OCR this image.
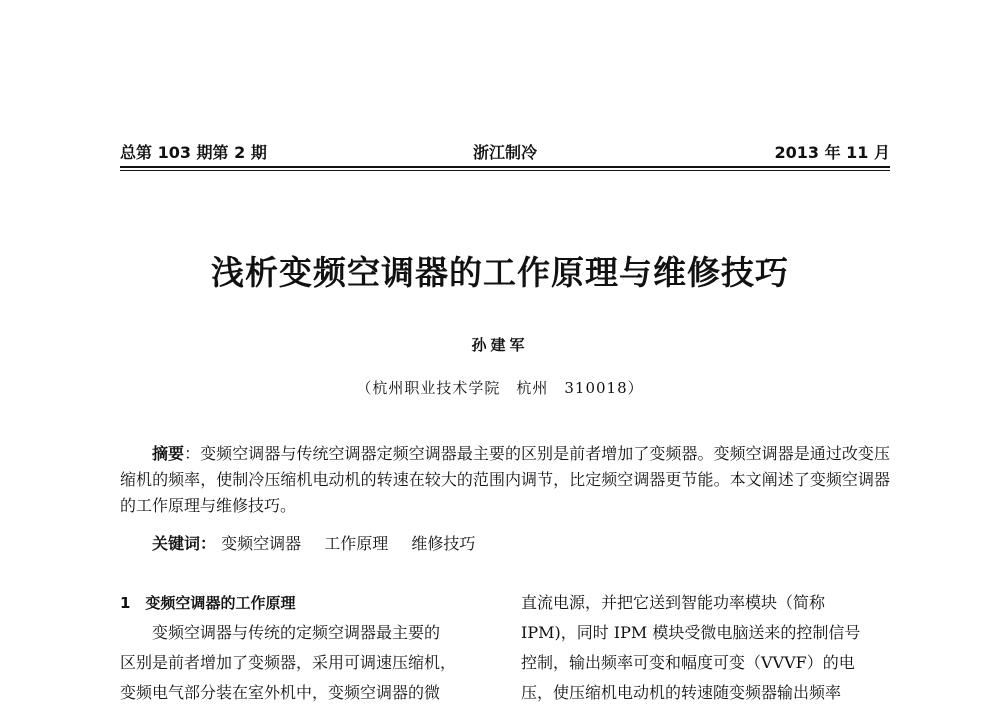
总第 103 期第 2 期	浙江制冷	2013 年 11 月
浅析变频空调器的工作原理与维修技巧
孙建军
（杭州职业技术学院　杭州　310018）

摘要：变频空调器与传统空调器定频空调器最主要的区别是前者增加了变频器。变频空调器是通过改变压缩机的频率，使制冷压缩机电动机的转速在较大的范围内调节，比定频空调器更节能。本文阐述了变频空调器的工作原理与维修技巧。

关键词： 变频空调器 工作原理 维修技巧
1　变频空调器的工作原理
变频空调器与传统的定频空调器最主要的
区别是前者增加了变频器，采用可调速压缩机，
变频电气部分装在室外机中，变频空调器的微
直流电源，并把它送到智能功率模块（简称
IPM)，同时 IPM 模块受微电脑送来的控制信号
控制，输出频率可变和幅度可变（VVVF）的电
压，使压缩机电动机的转速随变频器输出频率
